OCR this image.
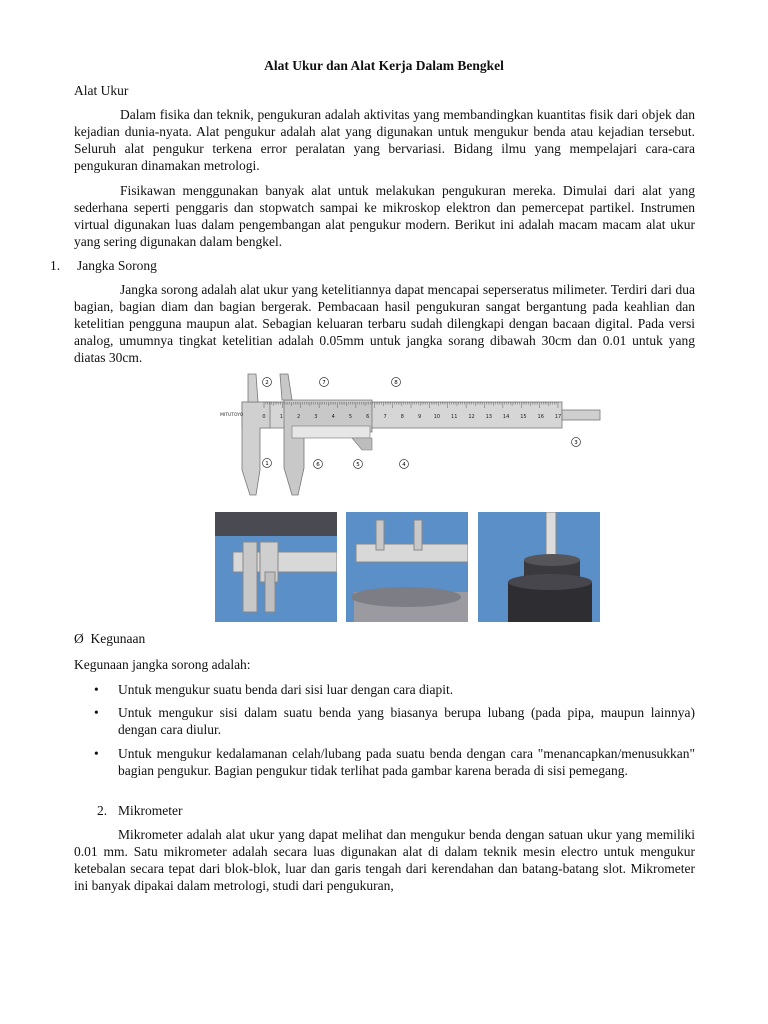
Alat Ukur dan Alat Kerja Dalam Bengkel
Alat Ukur
Dalam fisika dan teknik, pengukuran adalah aktivitas yang membandingkan kuantitas fisik dari objek dan kejadian dunia-nyata. Alat pengukur adalah alat yang digunakan untuk mengukur benda atau kejadian tersebut. Seluruh alat pengukur terkena error peralatan yang bervariasi. Bidang ilmu yang mempelajari cara-cara pengukuran dinamakan metrologi.
Fisikawan menggunakan banyak alat untuk melakukan pengukuran mereka. Dimulai dari alat yang sederhana seperti penggaris dan stopwatch sampai ke mikroskop elektron dan pemercepat partikel. Instrumen virtual digunakan luas dalam pengembangan alat pengukur modern. Berikut ini adalah macam macam alat ukur yang sering digunakan dalam bengkel.
1. Jangka Sorong
Jangka sorong adalah alat ukur yang ketelitiannya dapat mencapai seperseratus milimeter. Terdiri dari dua bagian, bagian diam dan bagian bergerak. Pembacaan hasil pengukuran sangat bergantung pada keahlian dan ketelitian pengguna maupun alat. Sebagian keluaran terbaru sudah dilengkapi dengan bacaan digital. Pada versi analog, umumnya tingkat ketelitian adalah 0.05mm untuk jangka sorang dibawah 30cm dan 0.01 untuk yang diatas 30cm.
MITUTOYO	0	1	2	3	4	5	6	7	8	9	10 11 12 13 14 15 16 17
1
2
3
4
5
6
7	8
Ø Kegunaan
Kegunaan jangka sorong adalah:
• Untuk mengukur suatu benda dari sisi luar dengan cara diapit.
• Untuk mengukur sisi dalam suatu benda yang biasanya berupa lubang (pada pipa, maupun lainnya) dengan cara diulur.
• Untuk mengukur kedalamanan celah/lubang pada suatu benda dengan cara "menancapkan/menusukkan" bagian pengukur. Bagian pengukur tidak terlihat pada gambar karena berada di sisi pemegang.
2. Mikrometer
Mikrometer adalah alat ukur yang dapat melihat dan mengukur benda dengan satuan ukur yang memiliki 0.01 mm. Satu mikrometer adalah secara luas digunakan alat di dalam teknik mesin electro untuk mengukur ketebalan secara tepat dari blok-blok, luar dan garis tengah dari kerendahan dan batang-batang slot. Mikrometer ini banyak dipakai dalam metrologi, studi dari pengukuran,
